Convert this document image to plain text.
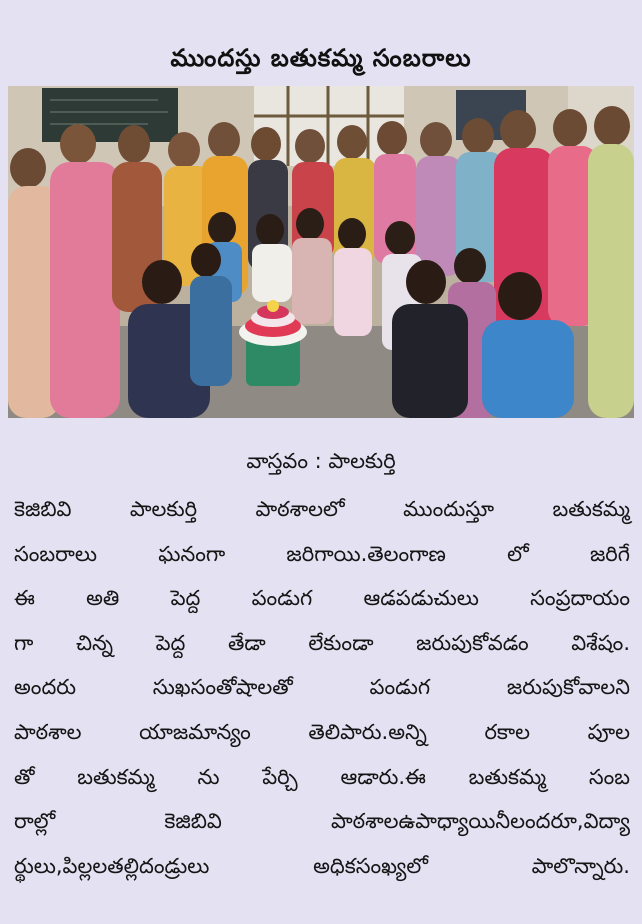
ముందస్తు బతుకమ్మ సంబరాలు
వాస్తవం : పాలకుర్తి
కెజిబివి పాలకుర్తి పాఠశాలలో ముందుస్తూ బతుకమ్మ
సంబరాలు ఘనంగా జరిగాయి.తెలంగాణ లో జరిగే
ఈ అతి పెద్ద పండుగ ఆడపడుచులు సంప్రదాయం
గా చిన్న పెద్ద తేడా లేకుండా జరుపుకోవడం విశేషం.
అందరు సుఖసంతోషాలతో పండుగ జరుపుకోవాలని
పాఠశాల యాజమాన్యం తెలిపారు.అన్ని రకాల పూల
తో బతుకమ్మ ను పేర్చి ఆడారు.ఈ బతుకమ్మ సంబ
రాల్లో కెజిబివి పాఠశాలఉపాధ్యాయినీలందరూ,విద్యా
ర్థులు,పిల్లలతల్లిదండ్రులు అధికసంఖ్యలో పాలొన్నారు.
